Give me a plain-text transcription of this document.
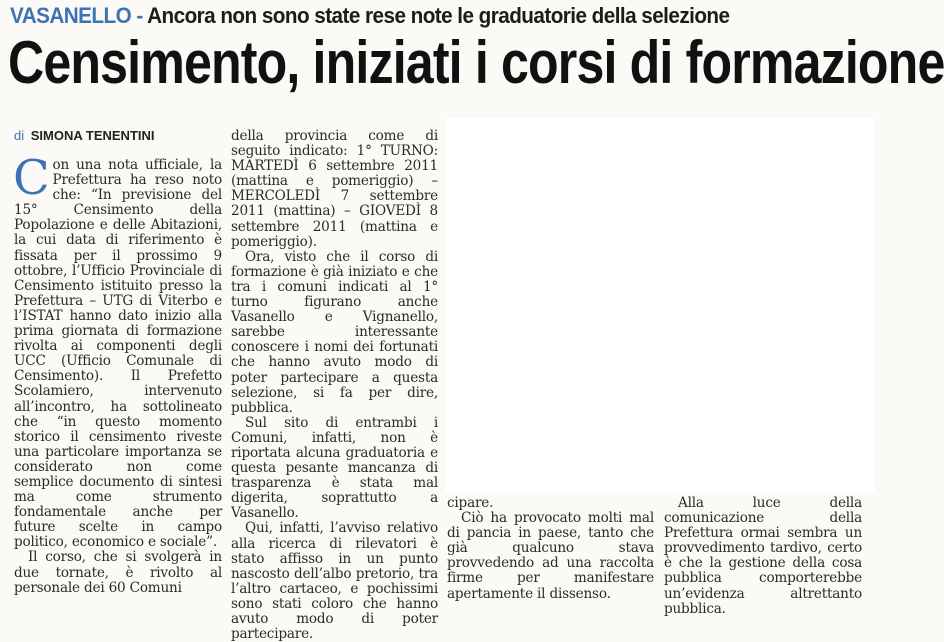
VASANELLO - Ancora non sono state rese note le graduatorie della selezione
Censimento, iniziati i corsi di formazione
di SIMONA TENENTINI

Con una nota ufficiale, la Prefettura ha reso noto che: “In previsione del 15° Censimento della Popolazione e delle Abitazioni, la cui data di riferimento è fissata per il prossimo 9 ottobre, l’Ufficio Provinciale di Censimento istituito presso la Prefettura – UTG di Viterbo e l’ISTAT hanno dato inizio alla prima giornata di formazione rivolta ai componenti degli UCC (Ufficio Comunale di Censimento). Il Prefetto Scolamiero, intervenuto all’incontro, ha sottolineato che “in questo momento storico il censimento riveste una particolare importanza se considerato non come semplice documento di sintesi ma come strumento fondamentale anche per future scelte in campo politico, economico e sociale”.

Il corso, che si svolgerà in due tornate, è rivolto al personale dei 60 Comuni

della provincia come di seguito indicato: 1° TURNO: MARTEDÌ 6 settembre 2011 (mattina e pomeriggio) – MERCOLEDÌ 7 settembre 2011 (mattina) – GIOVEDÌ 8 settembre 2011 (mattina e pomeriggio).

Ora, visto che il corso di formazione è già iniziato e che tra i comuni indicati al 1° turno figurano anche Vasanello e Vignanello, sarebbe interessante conoscere i nomi dei fortunati che hanno avuto modo di poter partecipare a questa selezione, si fa per dire, pubblica.

Sul sito di entrambi i Comuni, infatti, non è riportata alcuna graduatoria e questa pesante mancanza di trasparenza è stata mal digerita, soprattutto a Vasanello.

Qui, infatti, l’avviso relativo alla ricerca di rilevatori è stato affisso in un punto nascosto dell’albo pretorio, tra l’altro cartaceo, e pochissimi sono stati coloro che hanno avuto modo di poter partecipare.

cipare.

Ciò ha provocato molti mal di pancia in paese, tanto che già qualcuno stava provvedendo ad una raccolta firme per manifestare apertamente il dissenso.

Alla luce della comunicazione della Prefettura ormai sembra un provvedimento tardivo, certo è che la gestione della cosa pubblica comporterebbe un’evidenza altrettanto pubblica.
